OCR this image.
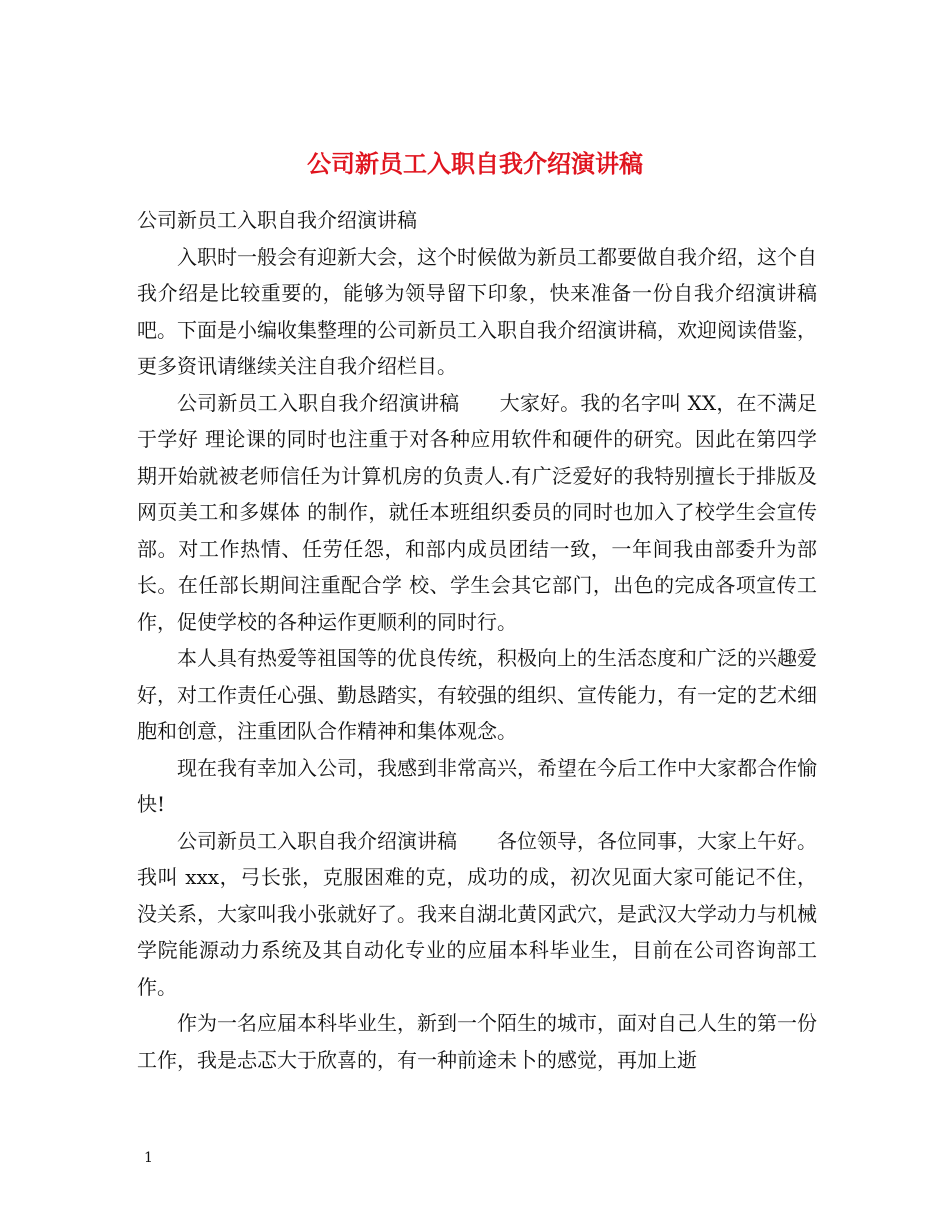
公司新员工入职自我介绍演讲稿

公司新员工入职自我介绍演讲稿

入职时一般会有迎新大会，这个时候做为新员工都要做自我介绍，这个自我介绍是比较重要的，能够为领导留下印象，快来准备一份自我介绍演讲稿吧。下面是小编收集整理的公司新员工入职自我介绍演讲稿，欢迎阅读借鉴，更多资讯请继续关注自我介绍栏目。

公司新员工入职自我介绍演讲稿　　大家好。我的名字叫 XX，在不满足于学好 理论课的同时也注重于对各种应用软件和硬件的研究。因此在第四学期开始就被老师信任为计算机房的负责人.有广泛爱好的我特别擅长于排版及网页美工和多媒体 的制作，就任本班组织委员的同时也加入了校学生会宣传部。对工作热情、任劳任怨，和部内成员团结一致，一年间我由部委升为部长。在任部长期间注重配合学 校、学生会其它部门，出色的完成各项宣传工作，促使学校的各种运作更顺利的同时行。

本人具有热爱等祖国等的优良传统，积极向上的生活态度和广泛的兴趣爱好，对工作责任心强、勤恳踏实，有较强的组织、宣传能力，有一定的艺术细胞和创意，注重团队合作精神和集体观念。

现在我有幸加入公司，我感到非常高兴，希望在今后工作中大家都合作愉快!

公司新员工入职自我介绍演讲稿　　各位领导，各位同事，大家上午好。我叫 xxx，弓长张，克服困难的克，成功的成，初次见面大家可能记不住，没关系，大家叫我小张就好了。我来自湖北黄冈武穴，是武汉大学动力与机械学院能源动力系统及其自动化专业的应届本科毕业生，目前在公司咨询部工作。

作为一名应届本科毕业生，新到一个陌生的城市，面对自己人生的第一份工作，我是忐忑大于欣喜的，有一种前途未卜的感觉，再加上逝

1
